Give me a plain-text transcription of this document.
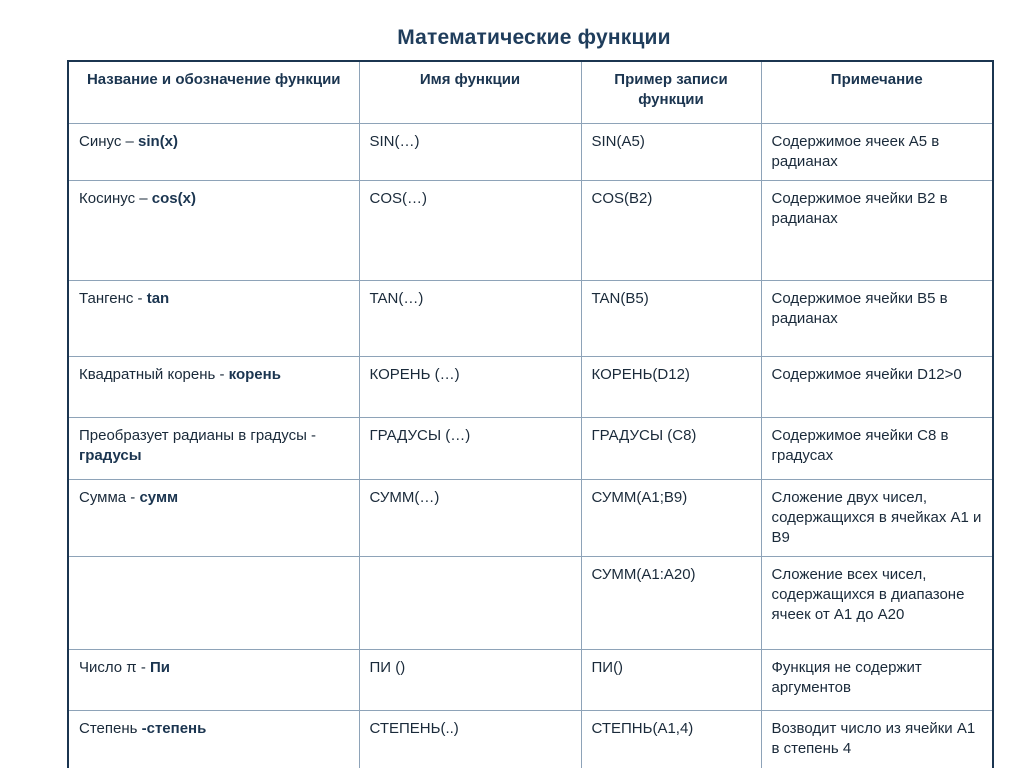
Математические функции
Название и обозначение функции	Имя функции	Пример записи функции	Примечание
Синус – sin(x)	SIN(…)	SIN(A5)	Содержимое ячеек А5 в радианах
Косинус – cos(x)	COS(…)	COS(B2)	Содержимое ячейки В2 в радианах
Тангенс - tan	TAN(…)	TAN(B5)	Содержимое ячейки В5 в радианах
Квадратный корень - корень	КОРЕНЬ (…)	КОРЕНЬ(D12)	Содержимое ячейки D12>0
Преобразует радианы в градусы - градусы	ГРАДУСЫ (…)	ГРАДУСЫ (С8)	Содержимое ячейки С8 в градусах
Сумма - сумм	СУММ(…)	СУММ(А1;В9)	Сложение двух чисел, содержащихся в ячейках А1 и В9
		СУММ(А1:А20)	Сложение всех чисел, содержащихся в диапазоне ячеек от А1 до А20
Число π - Пи	ПИ ()	ПИ()	Функция не содержит аргументов
Степень -степень	СТЕПЕНЬ(..)	СТЕПНЬ(А1,4)	Возводит число из ячейки А1 в степень 4
